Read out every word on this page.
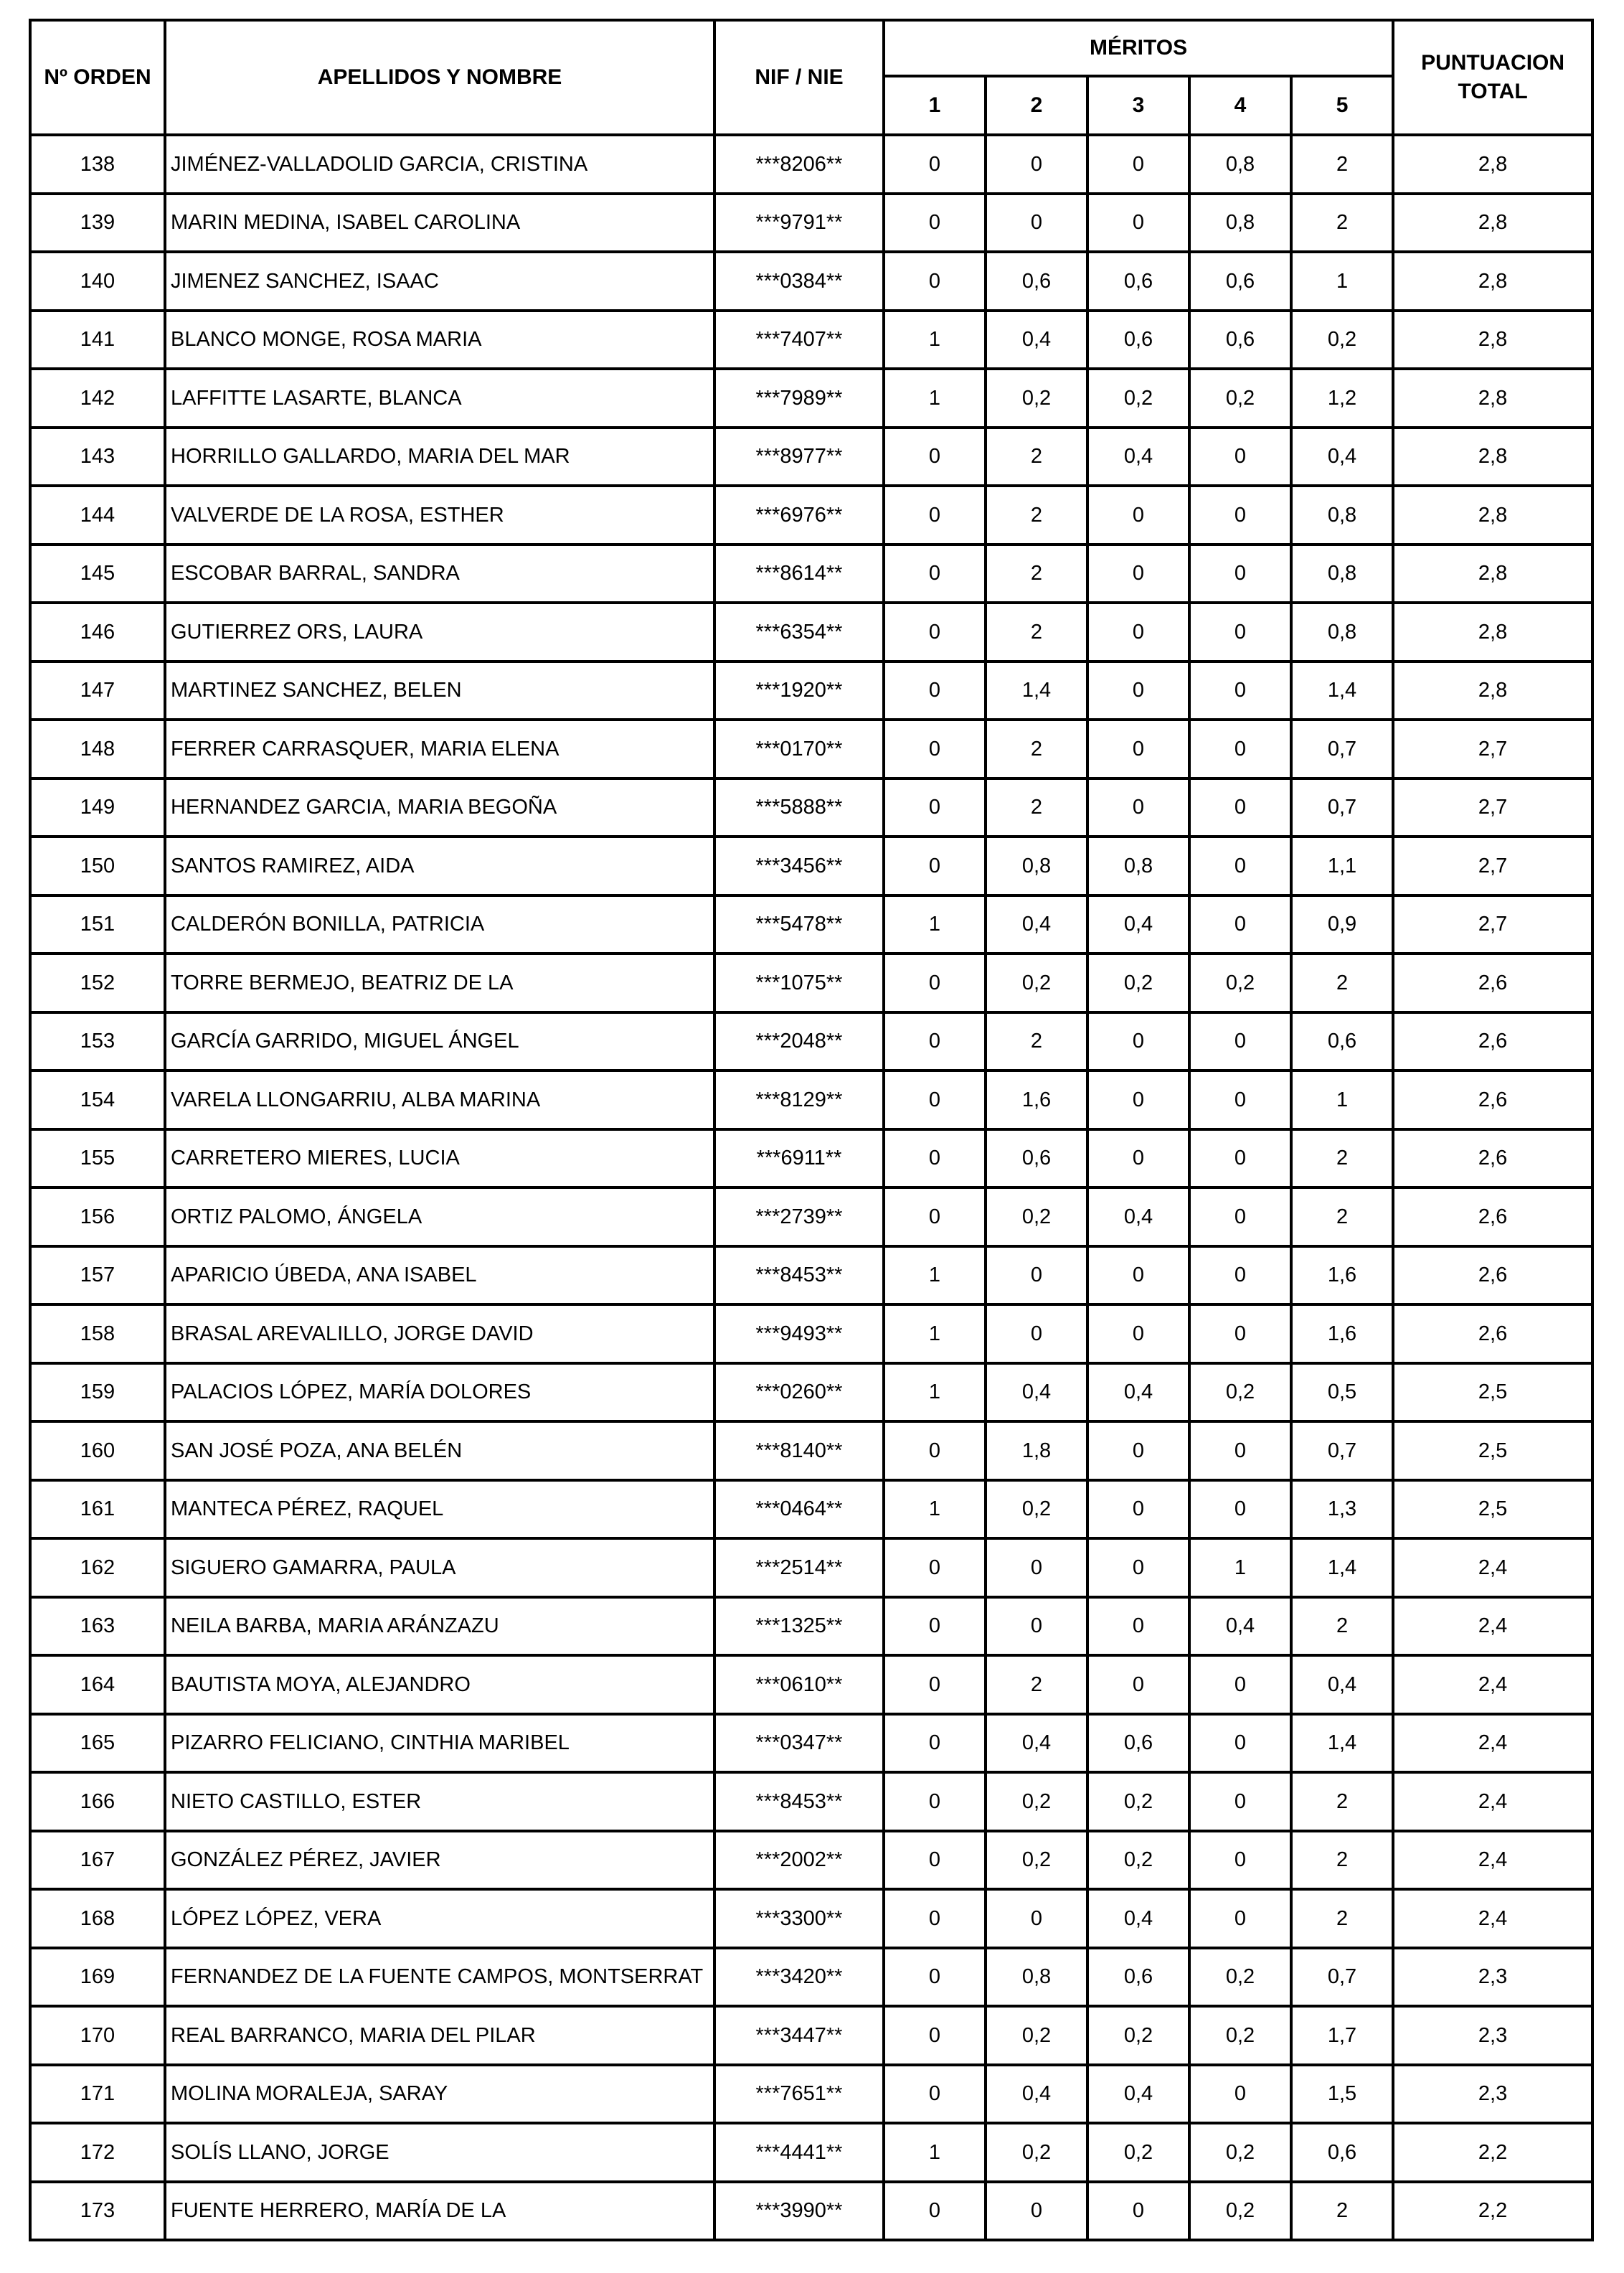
Nº ORDEN	APELLIDOS Y NOMBRE	NIF / NIE	MÉRITOS					PUNTUACION TOTAL
			1	2	3	4	5	
138	JIMÉNEZ-VALLADOLID GARCIA, CRISTINA	***8206**	0	0	0	0,8	2	2,8
139	MARIN MEDINA, ISABEL CAROLINA	***9791**	0	0	0	0,8	2	2,8
140	JIMENEZ SANCHEZ, ISAAC	***0384**	0	0,6	0,6	0,6	1	2,8
141	BLANCO MONGE, ROSA MARIA	***7407**	1	0,4	0,6	0,6	0,2	2,8
142	LAFFITTE LASARTE, BLANCA	***7989**	1	0,2	0,2	0,2	1,2	2,8
143	HORRILLO GALLARDO, MARIA DEL MAR	***8977**	0	2	0,4	0	0,4	2,8
144	VALVERDE DE LA ROSA, ESTHER	***6976**	0	2	0	0	0,8	2,8
145	ESCOBAR BARRAL, SANDRA	***8614**	0	2	0	0	0,8	2,8
146	GUTIERREZ ORS, LAURA	***6354**	0	2	0	0	0,8	2,8
147	MARTINEZ SANCHEZ, BELEN	***1920**	0	1,4	0	0	1,4	2,8
148	FERRER CARRASQUER, MARIA ELENA	***0170**	0	2	0	0	0,7	2,7
149	HERNANDEZ GARCIA, MARIA BEGOÑA	***5888**	0	2	0	0	0,7	2,7
150	SANTOS RAMIREZ, AIDA	***3456**	0	0,8	0,8	0	1,1	2,7
151	CALDERÓN BONILLA, PATRICIA	***5478**	1	0,4	0,4	0	0,9	2,7
152	TORRE BERMEJO, BEATRIZ DE LA	***1075**	0	0,2	0,2	0,2	2	2,6
153	GARCÍA GARRIDO, MIGUEL ÁNGEL	***2048**	0	2	0	0	0,6	2,6
154	VARELA LLONGARRIU, ALBA MARINA	***8129**	0	1,6	0	0	1	2,6
155	CARRETERO MIERES, LUCIA	***6911**	0	0,6	0	0	2	2,6
156	ORTIZ PALOMO, ÁNGELA	***2739**	0	0,2	0,4	0	2	2,6
157	APARICIO ÚBEDA, ANA ISABEL	***8453**	1	0	0	0	1,6	2,6
158	BRASAL AREVALILLO, JORGE DAVID	***9493**	1	0	0	0	1,6	2,6
159	PALACIOS LÓPEZ, MARÍA DOLORES	***0260**	1	0,4	0,4	0,2	0,5	2,5
160	SAN JOSÉ POZA, ANA BELÉN	***8140**	0	1,8	0	0	0,7	2,5
161	MANTECA PÉREZ, RAQUEL	***0464**	1	0,2	0	0	1,3	2,5
162	SIGUERO GAMARRA, PAULA	***2514**	0	0	0	1	1,4	2,4
163	NEILA BARBA, MARIA ARÁNZAZU	***1325**	0	0	0	0,4	2	2,4
164	BAUTISTA MOYA, ALEJANDRO	***0610**	0	2	0	0	0,4	2,4
165	PIZARRO FELICIANO, CINTHIA MARIBEL	***0347**	0	0,4	0,6	0	1,4	2,4
166	NIETO CASTILLO, ESTER	***8453**	0	0,2	0,2	0	2	2,4
167	GONZÁLEZ PÉREZ, JAVIER	***2002**	0	0,2	0,2	0	2	2,4
168	LÓPEZ LÓPEZ, VERA	***3300**	0	0	0,4	0	2	2,4
169	FERNANDEZ DE LA FUENTE CAMPOS, MONTSERRAT	***3420**	0	0,8	0,6	0,2	0,7	2,3
170	REAL BARRANCO, MARIA DEL PILAR	***3447**	0	0,2	0,2	0,2	1,7	2,3
171	MOLINA MORALEJA, SARAY	***7651**	0	0,4	0,4	0	1,5	2,3
172	SOLÍS LLANO, JORGE	***4441**	1	0,2	0,2	0,2	0,6	2,2
173	FUENTE HERRERO, MARÍA DE LA	***3990**	0	0	0	0,2	2	2,2
